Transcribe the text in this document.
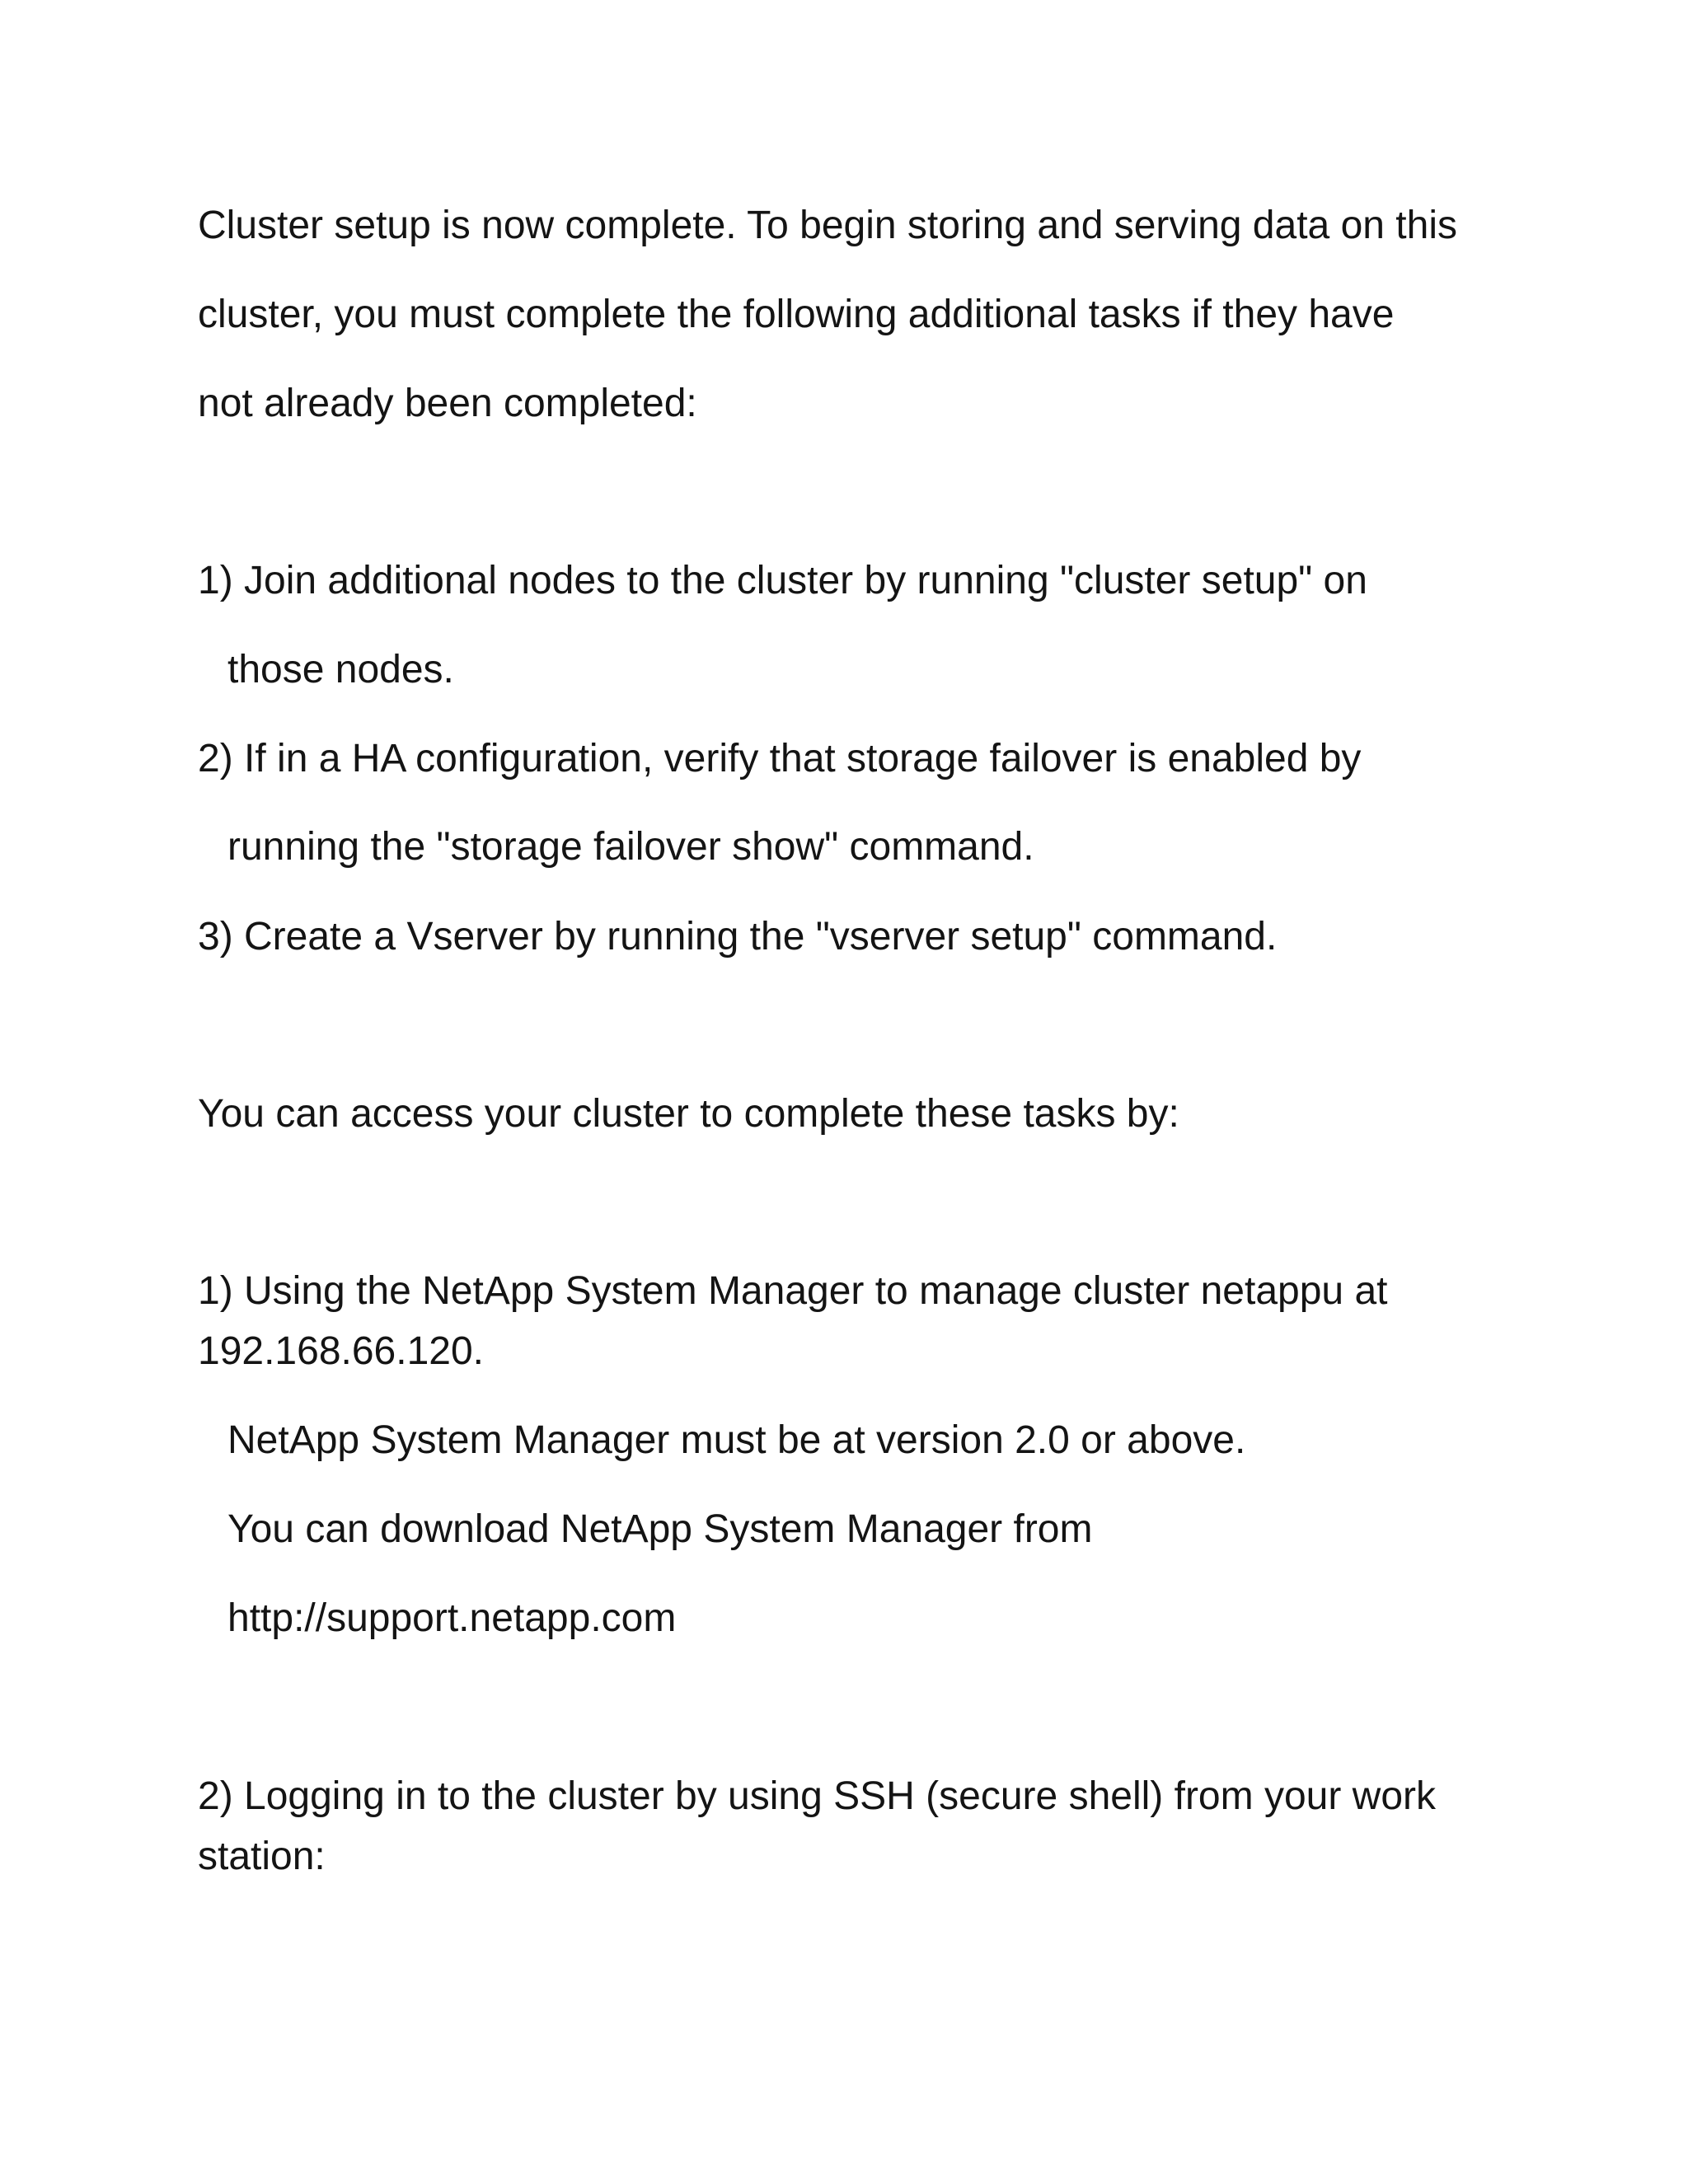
Cluster setup is now complete. To begin storing and serving data on this
cluster, you must complete the following additional tasks if they have
not already been completed:
1) Join additional nodes to the cluster by running "cluster setup" on
those nodes.
2) If in a HA configuration, verify that storage failover is enabled by
running the "storage failover show" command.
3) Create a Vserver by running the "vserver setup" command.
You can access your cluster to complete these tasks by:
1) Using the NetApp System Manager to manage cluster netappu at
192.168.66.120.
NetApp System Manager must be at version 2.0 or above.
You can download NetApp System Manager from
http://support.netapp.com
2) Logging in to the cluster by using SSH (secure shell) from your work
station:
